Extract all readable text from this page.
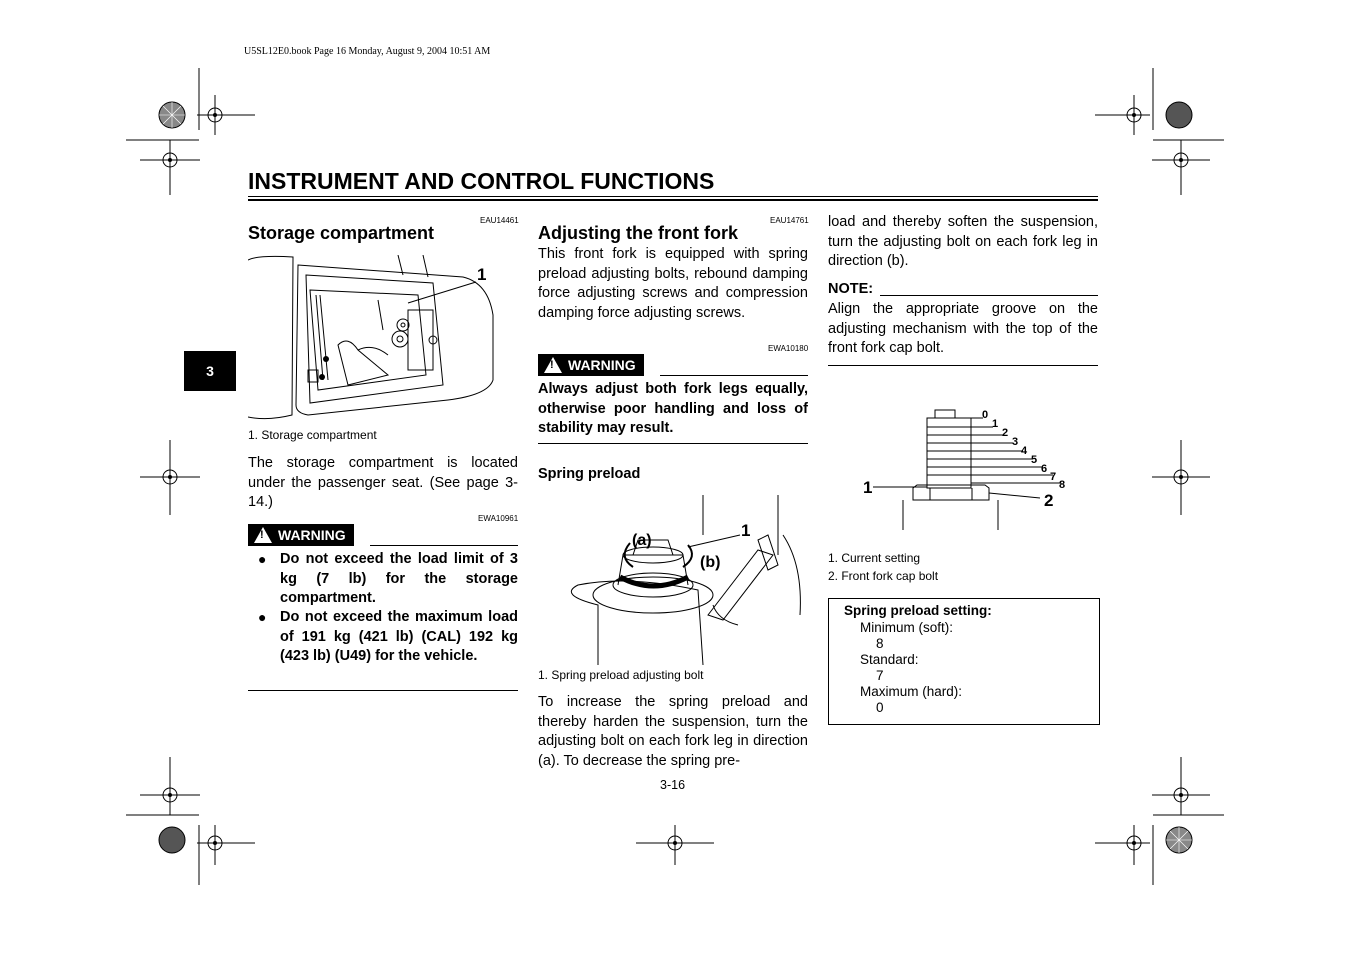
U5SL12E0.book Page 16 Monday, August 9, 2004 10:51 AM
INSTRUMENT AND CONTROL FUNCTIONS
3
EAU14461
Storage compartment
1
1. Storage compartment
The storage compartment is located under the passenger seat. (See page 3-14.)
EWA10961
! WARNING
● Do not exceed the load limit of 3 kg (7 lb) for the storage compartment.
● Do not exceed the maximum load of 191 kg (421 lb) (CAL) 192 kg (423 lb) (U49) for the vehicle.
EAU14761
Adjusting the front fork
This front fork is equipped with spring preload adjusting bolts, rebound damping force adjusting screws and compression damping force adjusting screws.
EWA10180
! WARNING
Always adjust both fork legs equally, otherwise poor handling and loss of stability may result.
Spring preload
(a)
(b)
1
1. Spring preload adjusting bolt
To increase the spring preload and thereby harden the suspension, turn the adjusting bolt on each fork leg in direction (a). To decrease the spring pre-
load and thereby soften the suspension, turn the adjusting bolt on each fork leg in direction (b).
NOTE:
Align the appropriate groove on the adjusting mechanism with the top of the front fork cap bolt.
0
1
2
3
4
5
6
7
8
1
2
1. Current setting
2. Front fork cap bolt
Spring preload setting:
Minimum (soft):
8
Standard:
7
Maximum (hard):
0
3-16
